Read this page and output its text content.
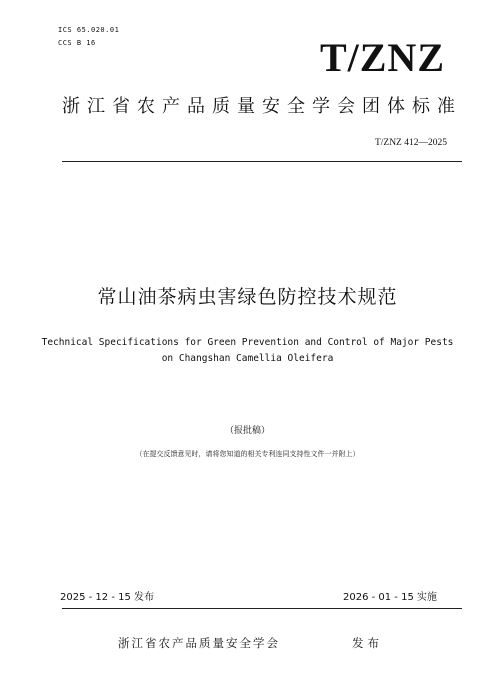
ICS 65.020.01
CCS B 16	T/ZNZ
浙江省农产品质量安全学会团体标准
T/ZNZ 412—2025
常山油茶病虫害绿色防控技术规范
Technical Specifications for Green Prevention and Control of Major Pests
on Changshan Camellia Oleifera
（报批稿）
（在提交反馈意见时，请将您知道的相关专利连同支持性文件一并附上）
2025 - 12 - 15 发布	2026 - 01 - 15 实施
浙江省农产品质量安全学会	发布
